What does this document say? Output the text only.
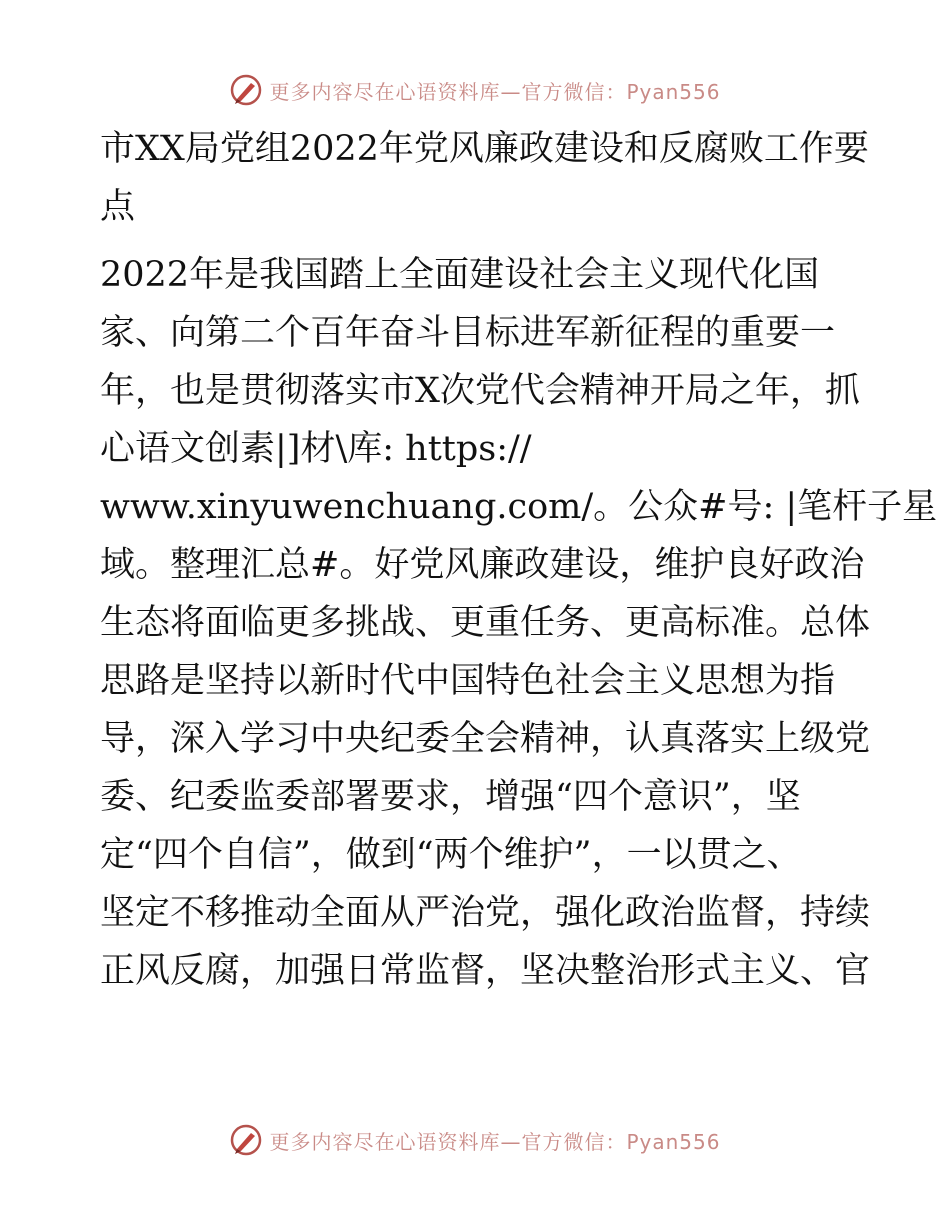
更多内容尽在心语资料库—官方微信：Pyan556
市XX局党组2022年党风廉政建设和反腐败工作要
点
2022年是我国踏上全面建设社会主义现代化国
家、向第二个百年奋斗目标进军新征程的重要一
年，也是贯彻落实市X次党代会精神开局之年，抓
心语文创素|]材\库: https://
www.xinyuwenchuang.com/。公众#号: |笔杆子星
域。整理汇总#。好党风廉政建设，维护良好政治
生态将面临更多挑战、更重任务、更高标准。总体
思路是坚持以新时代中国特色社会主义思想为指
导，深入学习中央纪委全会精神，认真落实上级党
委、纪委监委部署要求，增强“四个意识”，坚
定“四个自信”，做到“两个维护”，一以贯之、
坚定不移推动全面从严治党，强化政治监督，持续
正风反腐，加强日常监督，坚决整治形式主义、官
更多内容尽在心语资料库—官方微信：Pyan556
